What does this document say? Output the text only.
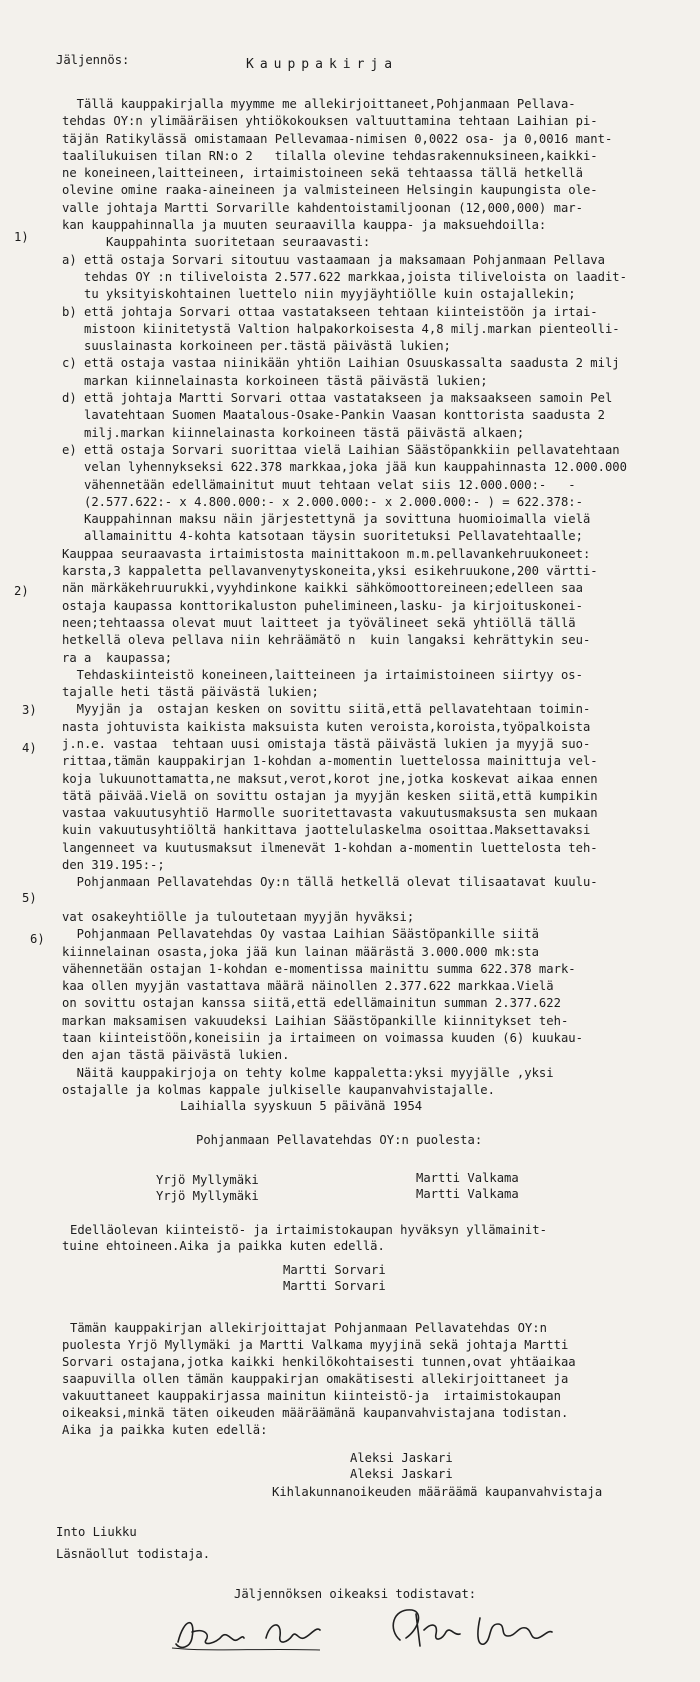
Jäljennös:	Kauppakirja
1)
2)
3)
4)
5)
6)
Tällä kauppakirjalla myymme me allekirjoittaneet,Pohjanmaan Pellava-
tehdas OY:n ylimääräisen yhtiökokouksen valtuuttamina tehtaan Laihian pi-
täjän Ratikylässä omistamaan Pellevamaa-nimisen 0,0022 osa- ja 0,0016 mant-
taalilukuisen tilan RN:o 2   tilalla olevine tehdasrakennuksineen,kaikki-
ne koneineen,laitteineen, irtaimistoineen sekä tehtaassa tällä hetkellä
olevine omine raaka-aineineen ja valmisteineen Helsingin kaupungista ole-
valle johtaja Martti Sorvarille kahdentoistamiljoonan (12,000,000) mar-
kan kauppahinnalla ja muuten seuraavilla kauppa- ja maksuehdoilla:
Kauppahinta suoritetaan seuraavasti:
a) että ostaja Sorvari sitoutuu vastaamaan ja maksamaan Pohjanmaan Pellava
tehdas OY :n tiliveloista 2.577.622 markkaa,joista tiliveloista on laadit-
tu yksityiskohtainen luettelo niin myyjäyhtiölle kuin ostajallekin;
b) että johtaja Sorvari ottaa vastatakseen tehtaan kiinteistöön ja irtai-
mistoon kiinitetystä Valtion halpakorkoisesta 4,8 milj.markan pienteolli-
suuslainasta korkoineen per.tästä päivästä lukien;
c) että ostaja vastaa niinikään yhtiön Laihian Osuuskassalta saadusta 2 milj
markan kiinnelainasta korkoineen tästä päivästä lukien;
d) että johtaja Martti Sorvari ottaa vastatakseen ja maksaakseen samoin Pel
lavatehtaan Suomen Maatalous-Osake-Pankin Vaasan konttorista saadusta 2
milj.markan kiinnelainasta korkoineen tästä päivästä alkaen;
e) että ostaja Sorvari suorittaa vielä Laihian Säästöpankkiin pellavatehtaan
velan lyhennykseksi 622.378 markkaa,joka jää kun kauppahinnasta 12.000.000
vähennetään edellämainitut muut tehtaan velat siis 12.000.000:-   -
(2.577.622:- x 4.800.000:- x 2.000.000:- x 2.000.000:- ) = 622.378:-
Kauppahinnan maksu näin järjestettynä ja sovittuna huomioimalla vielä
allamainittu 4-kohta katsotaan täysin suoritetuksi Pellavatehtaalle;
Kauppaa seuraavasta irtaimistosta mainittakoon m.m.pellavankehruukoneet:
karsta,3 kappaletta pellavanvenytyskoneita,yksi esikehruukone,200 värtti-
nän märkäkehruurukki,vyyhdinkone kaikki sähkömoottoreineen;edelleen saa
ostaja kaupassa konttorikaluston puhelimineen,lasku- ja kirjoituskonei-
neen;tehtaassa olevat muut laitteet ja työvälineet sekä yhtiöllä tällä
hetkellä oleva pellava niin kehräämätö n  kuin langaksi kehrättykin seu-
ra a  kaupassa;
Tehdaskiinteistö koneineen,laitteineen ja irtaimistoineen siirtyy os-
tajalle heti tästä päivästä lukien;
Myyjän ja  ostajan kesken on sovittu siitä,että pellavatehtaan toimin-
nasta johtuvista kaikista maksuista kuten veroista,koroista,työpalkoista
j.n.e. vastaa  tehtaan uusi omistaja tästä päivästä lukien ja myyjä suo-
rittaa,tämän kauppakirjan 1-kohdan a-momentin luettelossa mainittuja vel-
koja lukuunottamatta,ne maksut,verot,korot jne,jotka koskevat aikaa ennen
tätä päivää.Vielä on sovittu ostajan ja myyjän kesken siitä,että kumpikin
vastaa vakuutusyhtiö Harmolle suoritettavasta vakuutusmaksusta sen mukaan
kuin vakuutusyhtiöltä hankittava jaottelulaskelma osoittaa.Maksettavaksi
langenneet va kuutusmaksut ilmenevät 1-kohdan a-momentin luettelosta teh-
den 319.195:-;
Pohjanmaan Pellavatehdas Oy:n tällä hetkellä olevat tilisaatavat kuulu-
vat osakeyhtiölle ja tuloutetaan myyjän hyväksi;
Pohjanmaan Pellavatehdas Oy vastaa Laihian Säästöpankille siitä
kiinnelainan osasta,joka jää kun lainan määrästä 3.000.000 mk:sta
vähennetään ostajan 1-kohdan e-momentissa mainittu summa 622.378 mark-
kaa ollen myyjän vastattava määrä näinollen 2.377.622 markkaa.Vielä
on sovittu ostajan kanssa siitä,että edellämainitun summan 2.377.622
markan maksamisen vakuudeksi Laihian Säästöpankille kiinnitykset teh-
taan kiinteistöön,koneisiin ja irtaimeen on voimassa kuuden (6) kuukau-
den ajan tästä päivästä lukien.
Näitä kauppakirjoja on tehty kolme kappaletta:yksi myyjälle ,yksi
ostajalle ja kolmas kappale julkiselle kaupanvahvistajalle.
Laihialla syyskuun 5 päivänä 1954
Pohjanmaan Pellavatehdas OY:n puolesta:
Yrjö Myllymäki
Yrjö Myllymäki
Martti Valkama
Martti Valkama
Edelläolevan kiinteistö- ja irtaimistokaupan hyväksyn yllämainit-
tuine ehtoineen.Aika ja paikka kuten edellä.
Martti Sorvari
Martti Sorvari
Tämän kauppakirjan allekirjoittajat Pohjanmaan Pellavatehdas OY:n
puolesta Yrjö Myllymäki ja Martti Valkama myyjinä sekä johtaja Martti
Sorvari ostajana,jotka kaikki henkilökohtaisesti tunnen,ovat yhtäaikaa
saapuvilla ollen tämän kauppakirjan omakätisesti allekirjoittaneet ja
vakuuttaneet kauppakirjassa mainitun kiinteistö-ja  irtaimistokaupan
oikeaksi,minkä täten oikeuden määräämänä kaupanvahvistajana todistan.
Aika ja paikka kuten edellä:
Aleksi Jaskari
Aleksi Jaskari
Kihlakunnanoikeuden määräämä kaupanvahvistaja
Into Liukku
Läsnäollut todistaja.
Jäljennöksen oikeaksi todistavat:
